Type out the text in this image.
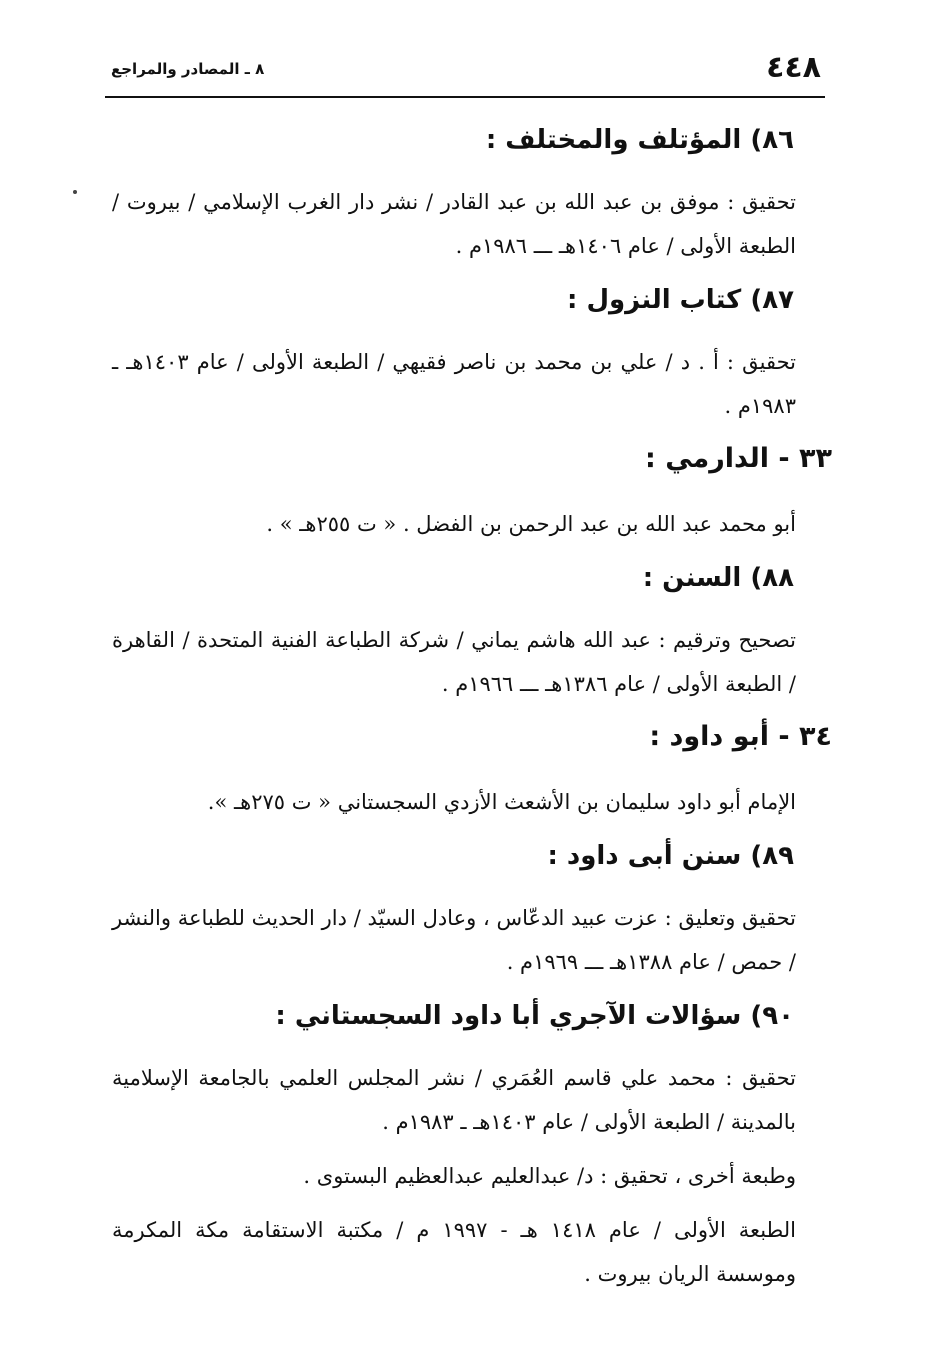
٤٤٨
٨ ـ المصادر والمراجع
٨٦) المؤتلف والمختلف :

تحقيق : موفق بن عبد الله بن عبد القادر / نشر دار الغرب الإسلامي / بيروت / الطبعة الأولى / عام ١٤٠٦هـ ـــ ١٩٨٦م .

٨٧) كتاب النزول :

تحقيق : أ . د / علي بن محمد بن ناصر فقيهي / الطبعة الأولى / عام ١٤٠٣هـ ـ ١٩٨٣م .

٣٣ - الدارمي :

أبو محمد عبد الله بن عبد الرحمن بن الفضل . « ت ٢٥٥هـ » .

٨٨) السنن :

تصحيح وترقيم : عبد الله هاشم يماني / شركة الطباعة الفنية المتحدة / القاهرة / الطبعة الأولى / عام ١٣٨٦هـ ـــ ١٩٦٦م .

٣٤ - أبو داود :

الإمام أبو داود سليمان بن الأشعث الأزدي السجستاني « ت ٢٧٥هـ ».

٨٩) سنن أبى داود :

تحقيق وتعليق : عزت عبيد الدعّاس ، وعادل السيّد / دار الحديث للطباعة والنشر / حمص / عام ١٣٨٨هـ ـــ ١٩٦٩م .

٩٠) سؤالات الآجري أبا داود السجستاني :

تحقيق : محمد علي قاسم العُمَري / نشر المجلس العلمي بالجامعة الإسلامية بالمدينة / الطبعة الأولى / عام ١٤٠٣هـ ـ ١٩٨٣م .

وطبعة أخرى ، تحقيق : د/ عبدالعليم عبدالعظيم البستوى .

الطبعة الأولى / عام ١٤١٨ هـ - ١٩٩٧ م / مكتبة الاستقامة مكة المكرمة وموسسة الريان بيروت .
